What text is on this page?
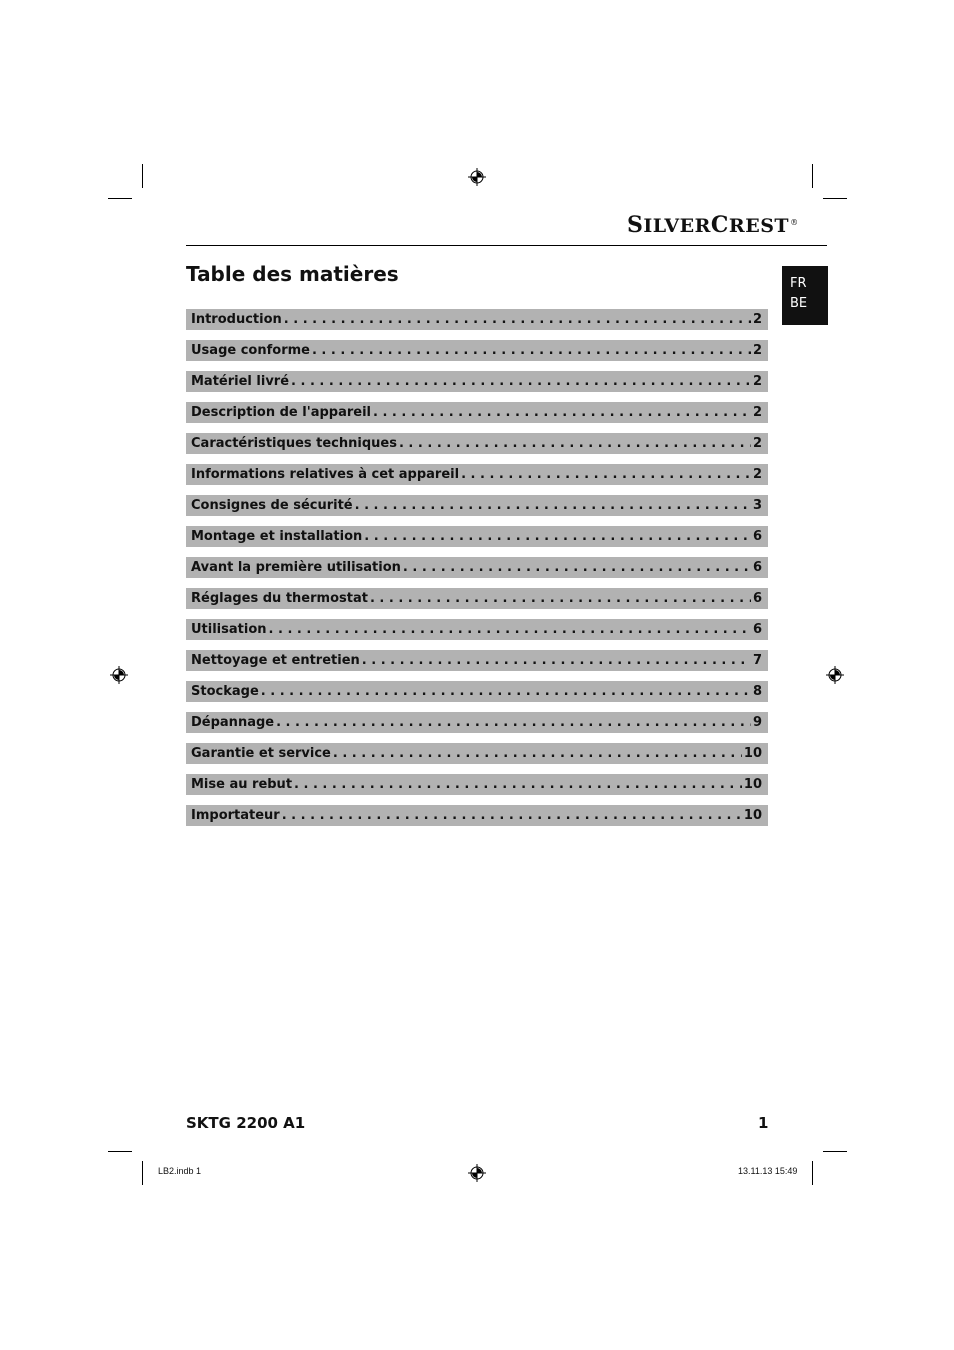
SILVERCREST®
Table des matières	FR
BE
Introduction . . .	2
Usage conforme . . .	2
Matériel livré . . .	2
Description de l'appareil . . .	2
Caractéristiques techniques . . .	2
Informations relatives à cet appareil . . .	2
Consignes de sécurité . . .	3
Montage et installation . . .	6
Avant la première utilisation . . .	6
Réglages du thermostat . . .	6
Utilisation . . .	6
Nettoyage et entretien . . .	7
Stockage . . .	8
Dépannage . . .	9
Garantie et service . . .	10
Mise au rebut . . .	10
Importateur . . .	10
SKTG 2200 A1	1
LB2.indb 1	13.11.13 15:49
